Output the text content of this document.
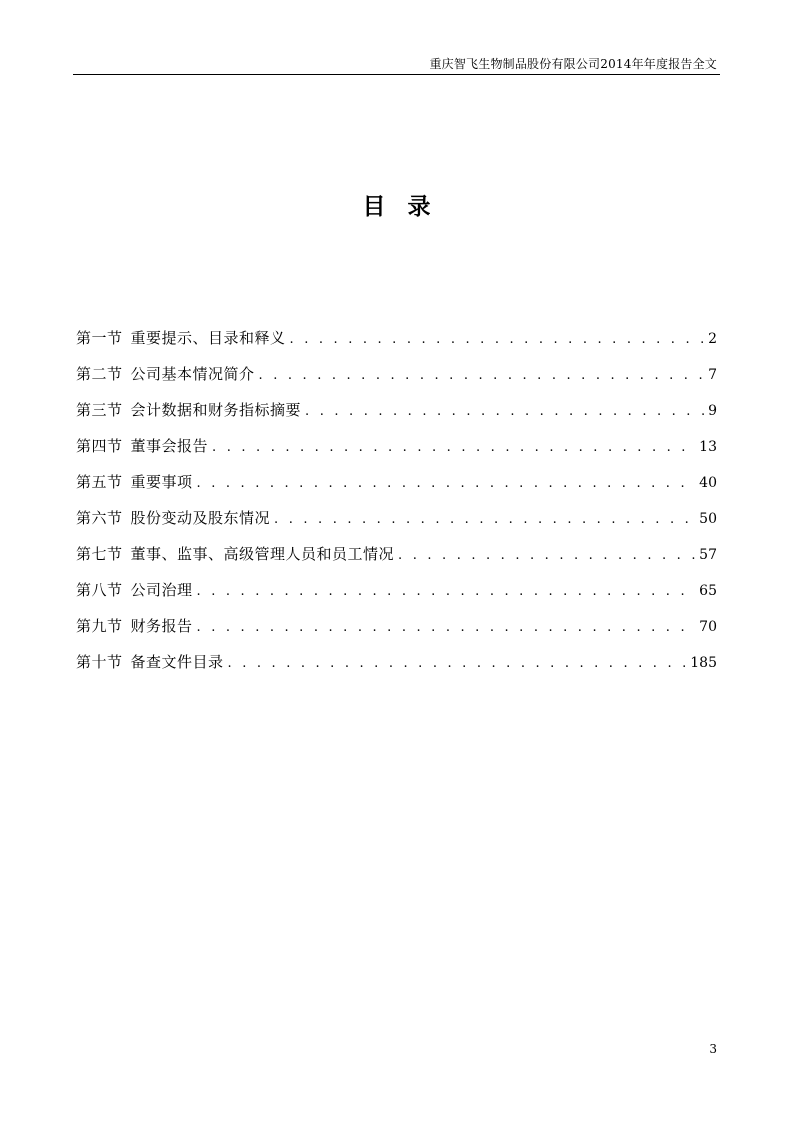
重庆智飞生物制品股份有限公司2014年年度报告全文
目录
第一节 重要提示、目录和释义 . . .	2
第二节 公司基本情况简介 . . .	7
第三节 会计数据和财务指标摘要 . . .	9
第四节 董事会报告 . . .	13
第五节 重要事项 . . .	40
第六节 股份变动及股东情况 . . .	50
第七节 董事、监事、高级管理人员和员工情况 . . .	57
第八节 公司治理 . . .	65
第九节 财务报告 . . .	70
第十节 备查文件目录 . . .	185
3
